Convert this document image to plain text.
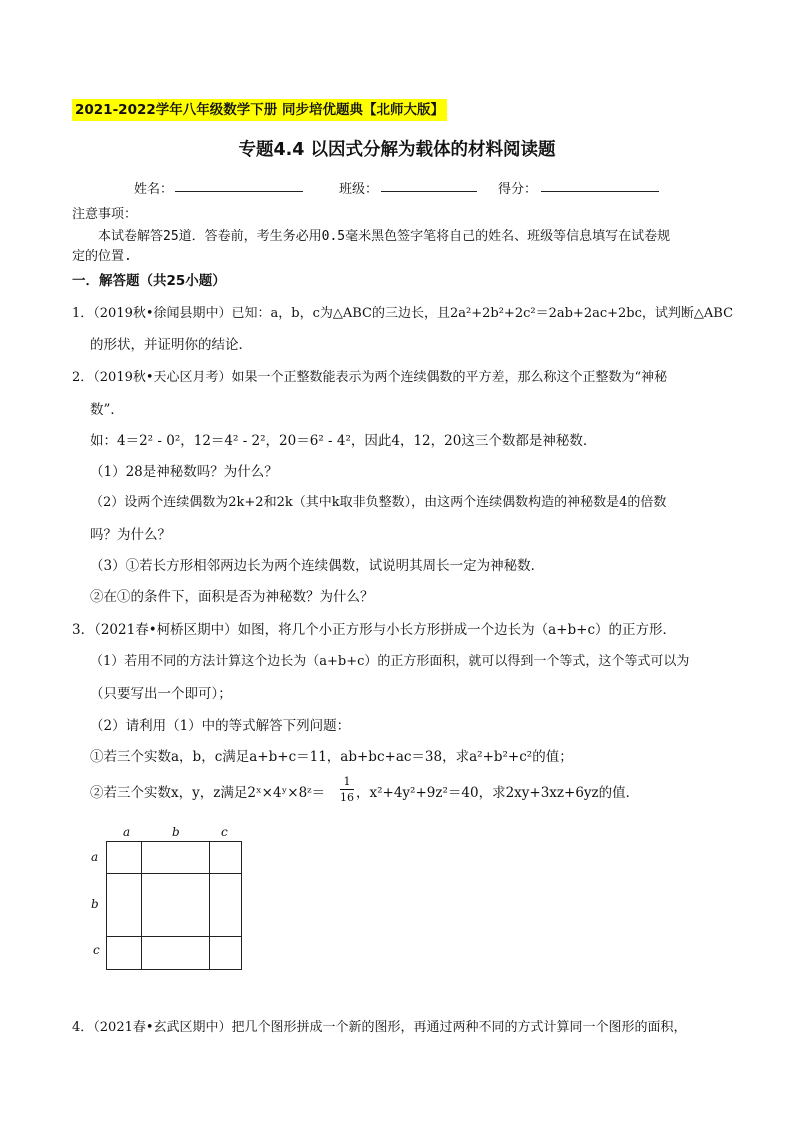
2021-2022学年八年级数学下册 同步培优题典【北师大版】
专题4.4 以因式分解为载体的材料阅读题
姓名：	班级：	得分：
注意事项：
本试卷解答25道．答卷前，考生务必用0.5毫米黑色签字笔将自己的姓名、班级等信息填写在试卷规
定的位置.
一．解答题（共25小题）
1．（2019秋•徐闻县期中）已知：a，b，c为△ABC的三边长，且2a²+2b²+2c²＝2ab+2ac+2bc，试判断△ABC
的形状，并证明你的结论．
2．（2019秋•天心区月考）如果一个正整数能表示为两个连续偶数的平方差，那么称这个正整数为“神秘
数”．
如：4＝2² - 0²，12＝4² - 2²，20＝6² - 4²，因此4，12，20这三个数都是神秘数．
（1）28是神秘数吗？为什么？
（2）设两个连续偶数为2k+2和2k（其中k取非负整数），由这两个连续偶数构造的神秘数是4的倍数
吗？为什么？
（3）①若长方形相邻两边长为两个连续偶数，试说明其周长一定为神秘数．
②在①的条件下，面积是否为神秘数？为什么？
3．（2021春•柯桥区期中）如图，将几个小正方形与小长方形拼成一个边长为（a+b+c）的正方形．
（1）若用不同的方法计算这个边长为（a+b+c）的正方形面积，就可以得到一个等式，这个等式可以为
（只要写出一个即可）；
（2）请利用（1）中的等式解答下列问题：
①若三个实数a，b，c满足a+b+c＝11，ab+bc+ac＝38，求a²+b²+c²的值；
②若三个实数x，y，z满足2ˣ×4ʸ×8ᶻ＝
1
16 ，x²+4y²+9z²＝40，求2xy+3xz+6yz的值．
a	b	c
a
b
c
4．（2021春•玄武区期中）把几个图形拼成一个新的图形，再通过两种不同的方式计算同一个图形的面积，
